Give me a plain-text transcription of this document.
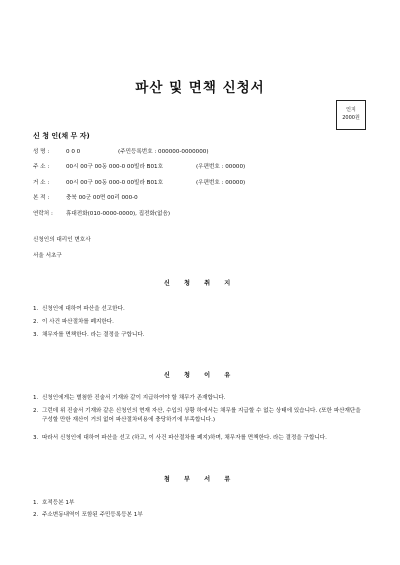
파산 및 면책 신청서
인지
2000원
신 청 인(채 무 자)
성 명 :	0 0 0	(주민등록번호 : 000000-0000000)
주 소 :	00시 00구 00동 000-0 00빌라 B01호	(우편번호 : 00000)
거 소 :	00시 00구 00동 000-0 00빌라 B01호	(우편번호 : 00000)
본 적 :	충북 00군 00면 00리 000-0
연락처 : 휴대전화(010-0000-0000), 집전화(없음)
신청인의 대리인 변호사
서울 서초구
신 청 취 지
1. 신청인에 대하여 파산을 선고한다.
2. 이 사건 파산절차를 폐지한다.
3. 채무자를 면책한다. 라는 결정을 구합니다.
신 청 이 유
1. 신청인에게는 별첨한 진술서 기재와 같이 지급하여야 할 채무가 존재합니다.
2. 그런데 위 진술서 기재와 같은 신청인의 현재 자산, 수입의 상황 하에서는 채무를 지급할 수 없는 상태에 있습니다. (또한 파산재단을 구성할 만한 재산이 거의 없어 파산절차비용에 충당하기에 부족합니다.)
3. 따라서 신청인에 대하여 파산을 선고 (하고, 이 사건 파산절차를 폐지)하며, 채무자를 면책한다. 라는 결정을 구합니다.
첨 부 서 류
1. 호적등본 1부
2. 주소변동내역이 포함된 주민등록등본 1부
